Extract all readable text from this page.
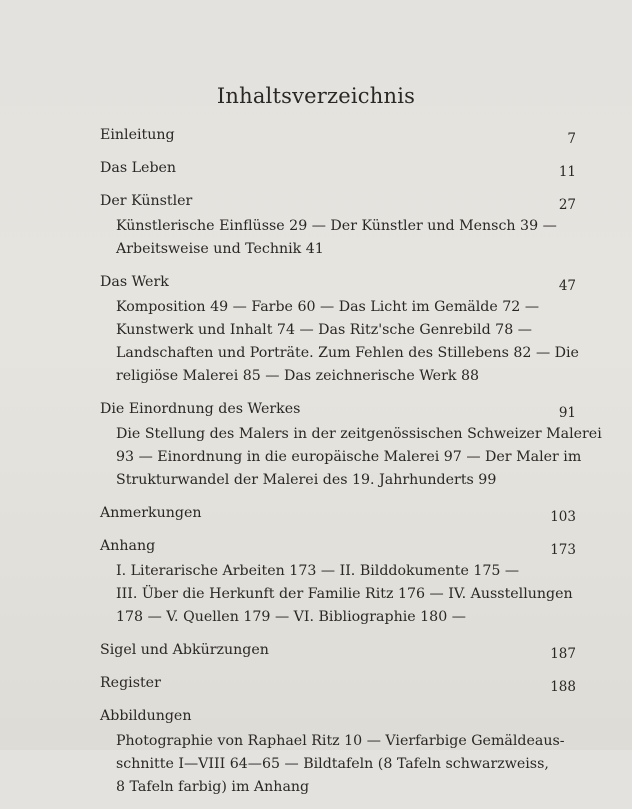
Inhaltsverzeichnis
Einleitung	7
Das Leben	11
Der Künstler	27
Künstlerische Einflüsse 29 — Der Künstler und Mensch 39 —
Arbeitsweise und Technik 41
Das Werk	47
Komposition 49 — Farbe 60 — Das Licht im Gemälde 72 —
Kunstwerk und Inhalt 74 — Das Ritz'sche Genrebild 78 —
Landschaften und Porträte. Zum Fehlen des Stillebens 82 — Die
religiöse Malerei 85 — Das zeichnerische Werk 88
Die Einordnung des Werkes	91
Die Stellung des Malers in der zeitgenössischen Schweizer Malerei
93 — Einordnung in die europäische Malerei 97 — Der Maler im
Strukturwandel der Malerei des 19. Jahrhunderts 99
Anmerkungen	103
Anhang	173
I. Literarische Arbeiten 173 — II. Bilddokumente 175 —
III. Über die Herkunft der Familie Ritz 176 — IV. Ausstellungen
178 — V. Quellen 179 — VI. Bibliographie 180 —
Sigel und Abkürzungen	187
Register	188
Abbildungen
Photographie von Raphael Ritz 10 — Vierfarbige Gemäldeaus-
schnitte I—VIII 64—65 — Bildtafeln (8 Tafeln schwarzweiss,
8 Tafeln farbig) im Anhang
